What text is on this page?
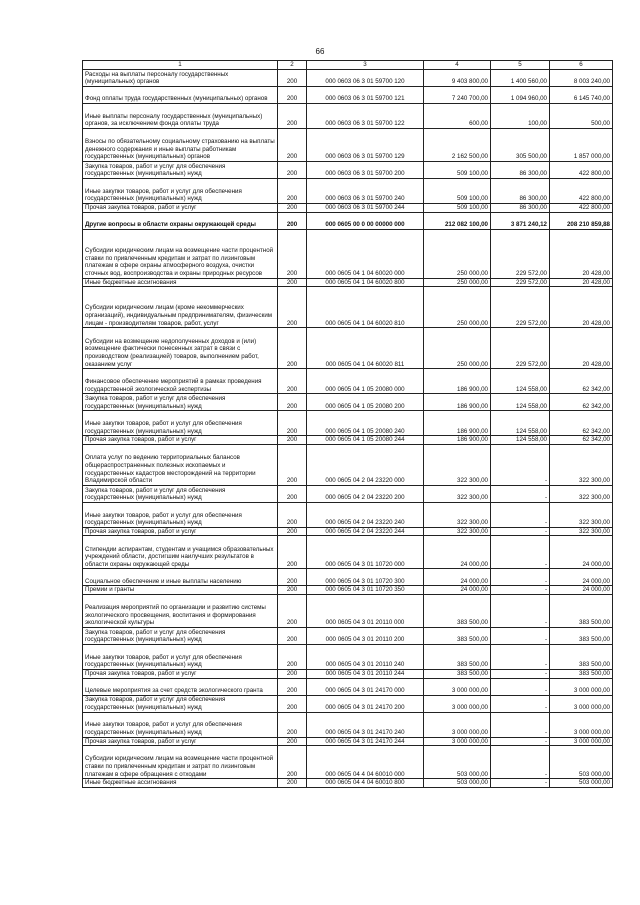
66
1	2	3	4	5	6
Расходы на выплаты персоналу государственных (муниципальных) органов	200	000 0603 06 3 01 59700 120	9 403 800,00	1 400 560,00	8 003 240,00
Фонд оплаты труда государственных (муниципальных) органов	200	000 0603 06 3 01 59700 121	7 240 700,00	1 094 960,00	6 145 740,00
Иные выплаты персоналу государственных (муниципальных) органов, за исключением фонда оплаты труда	200	000 0603 06 3 01 59700 122	600,00	100,00	500,00
Взносы по обязательному социальному страхованию на выплаты денежного содержания и иные выплаты работникам государственных (муниципальных) органов	200	000 0603 06 3 01 59700 129	2 162 500,00	305 500,00	1 857 000,00
Закупка товаров, работ и услуг для обеспечения государственных (муниципальных) нужд	200	000 0603 06 3 01 59700 200	509 100,00	86 300,00	422 800,00
Иные закупки товаров, работ и услуг для обеспечения государственных (муниципальных) нужд	200	000 0603 06 3 01 59700 240	509 100,00	86 300,00	422 800,00
Прочая закупка товаров, работ и услуг	200	000 0603 06 3 01 59700 244	509 100,00	86 300,00	422 800,00
Другие вопросы в области охраны окружающей среды	200	000 0605 00 0 00 00000 000	212 082 100,00	3 871 240,12	208 210 859,88
Субсидии юридическим лицам на возмещение части процентной ставки по привлеченным кредитам и затрат по лизинговым платежам в сфере охраны атмосферного воздуха, очистки сточных вод, воспроизводства и охраны природных ресурсов	200	000 0605 04 1 04 60020 000	250 000,00	229 572,00	20 428,00
Иные бюджетные ассигнования	200	000 0605 04 1 04 60020 800	250 000,00	229 572,00	20 428,00
Субсидии юридическим лицам (кроме некоммерческих организаций), индивидуальным предпринимателям, физическим лицам - производителям товаров, работ, услуг	200	000 0605 04 1 04 60020 810	250 000,00	229 572,00	20 428,00
Субсидии на возмещение недополученных доходов и (или) возмещение фактически понесенных затрат в связи с производством (реализацией) товаров, выполнением работ, оказанием услуг	200	000 0605 04 1 04 60020 811	250 000,00	229 572,00	20 428,00
Финансовое обеспечение мероприятий в рамках проведения государственной экологической экспертизы	200	000 0605 04 1 05 20080 000	186 900,00	124 558,00	62 342,00
Закупка товаров, работ и услуг для обеспечения государственных (муниципальных) нужд	200	000 0605 04 1 05 20080 200	186 900,00	124 558,00	62 342,00
Иные закупки товаров, работ и услуг для обеспечения государственных (муниципальных) нужд	200	000 0605 04 1 05 20080 240	186 900,00	124 558,00	62 342,00
Прочая закупка товаров, работ и услуг	200	000 0605 04 1 05 20080 244	186 900,00	124 558,00	62 342,00
Оплата услуг по ведению территориальных балансов общераспространенных полезных ископаемых и государственных кадастров месторождений на территории Владимирской области	200	000 0605 04 2 04 23220 000	322 300,00	-	322 300,00
Закупка товаров, работ и услуг для обеспечения государственных (муниципальных) нужд	200	000 0605 04 2 04 23220 200	322 300,00	-	322 300,00
Иные закупки товаров, работ и услуг для обеспечения государственных (муниципальных) нужд	200	000 0605 04 2 04 23220 240	322 300,00	-	322 300,00
Прочая закупка товаров, работ и услуг	200	000 0605 04 2 04 23220 244	322 300,00	-	322 300,00
Стипендии аспирантам, студентам и учащимся образовательных учреждений области, достигшим наилучших результатов в области охраны окружающей среды	200	000 0605 04 3 01 10720 000	24 000,00	-	24 000,00
Социальное обеспечение и иные выплаты населению	200	000 0605 04 3 01 10720 300	24 000,00	-	24 000,00
Премии и гранты	200	000 0605 04 3 01 10720 350	24 000,00	-	24 000,00
Реализация мероприятий по организации и развитию системы экологического просвещения, воспитания и формирования экологической культуры	200	000 0605 04 3 01 20110 000	383 500,00	-	383 500,00
Закупка товаров, работ и услуг для обеспечения государственных (муниципальных) нужд	200	000 0605 04 3 01 20110 200	383 500,00	-	383 500,00
Иные закупки товаров, работ и услуг для обеспечения государственных (муниципальных) нужд	200	000 0605 04 3 01 20110 240	383 500,00	-	383 500,00
Прочая закупка товаров, работ и услуг	200	000 0605 04 3 01 20110 244	383 500,00	-	383 500,00
Целевые мероприятия за счет средств экологического гранта	200	000 0605 04 3 01 24170 000	3 000 000,00	-	3 000 000,00
Закупка товаров, работ и услуг для обеспечения государственных (муниципальных) нужд	200	000 0605 04 3 01 24170 200	3 000 000,00	-	3 000 000,00
Иные закупки товаров, работ и услуг для обеспечения государственных (муниципальных) нужд	200	000 0605 04 3 01 24170 240	3 000 000,00	-	3 000 000,00
Прочая закупка товаров, работ и услуг	200	000 0605 04 3 01 24170 244	3 000 000,00	-	3 000 000,00
Субсидии юридическим лицам на возмещение части процентной ставки по привлеченным кредитам и затрат по лизинговым платежам в сфере обращения с отходами	200	000 0605 04 4 04 60010 000	503 000,00	-	503 000,00
Иные бюджетные ассигнования	200	000 0605 04 4 04 60010 800	503 000,00	-	503 000,00
